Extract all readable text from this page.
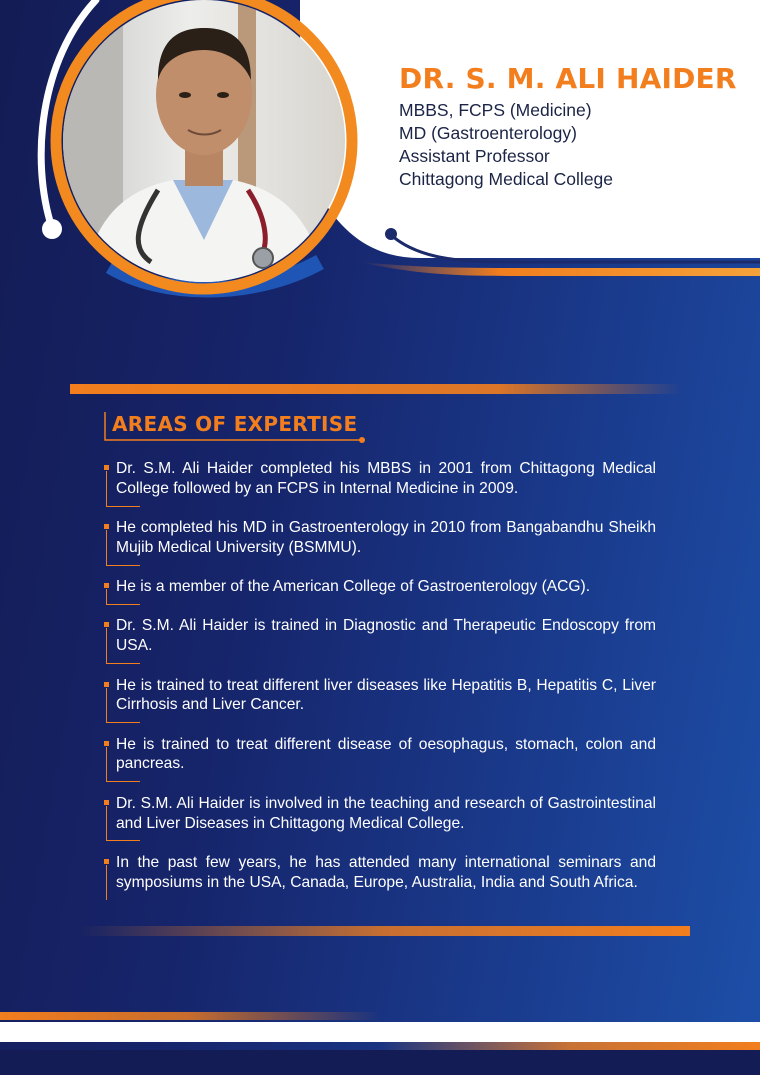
DR. S. M. ALI HAIDER
MBBS, FCPS (Medicine)
MD (Gastroenterology)
Assistant Professor
Chittagong Medical College
AREAS OF EXPERTISE
Dr. S.M. Ali Haider completed his MBBS in 2001 from Chittagong Medical College followed by an FCPS in Internal Medicine in 2009.
He completed his MD in Gastroenterology in 2010 from Bangabandhu Sheikh Mujib Medical University (BSMMU).
He is a member of the American College of Gastroenterology (ACG).
Dr. S.M. Ali Haider is trained in Diagnostic and Therapeutic Endoscopy from USA.
He is trained to treat different liver diseases like Hepatitis B, Hepatitis C, Liver Cirrhosis and Liver Cancer.
He is trained to treat different disease of oesophagus, stomach, colon and pancreas.
Dr. S.M. Ali Haider is involved in the teaching and research of Gastrointestinal and Liver Diseases in Chittagong Medical College.
In the past few years, he has attended many international seminars and symposiums in the USA, Canada, Europe, Australia, India and South Africa.
